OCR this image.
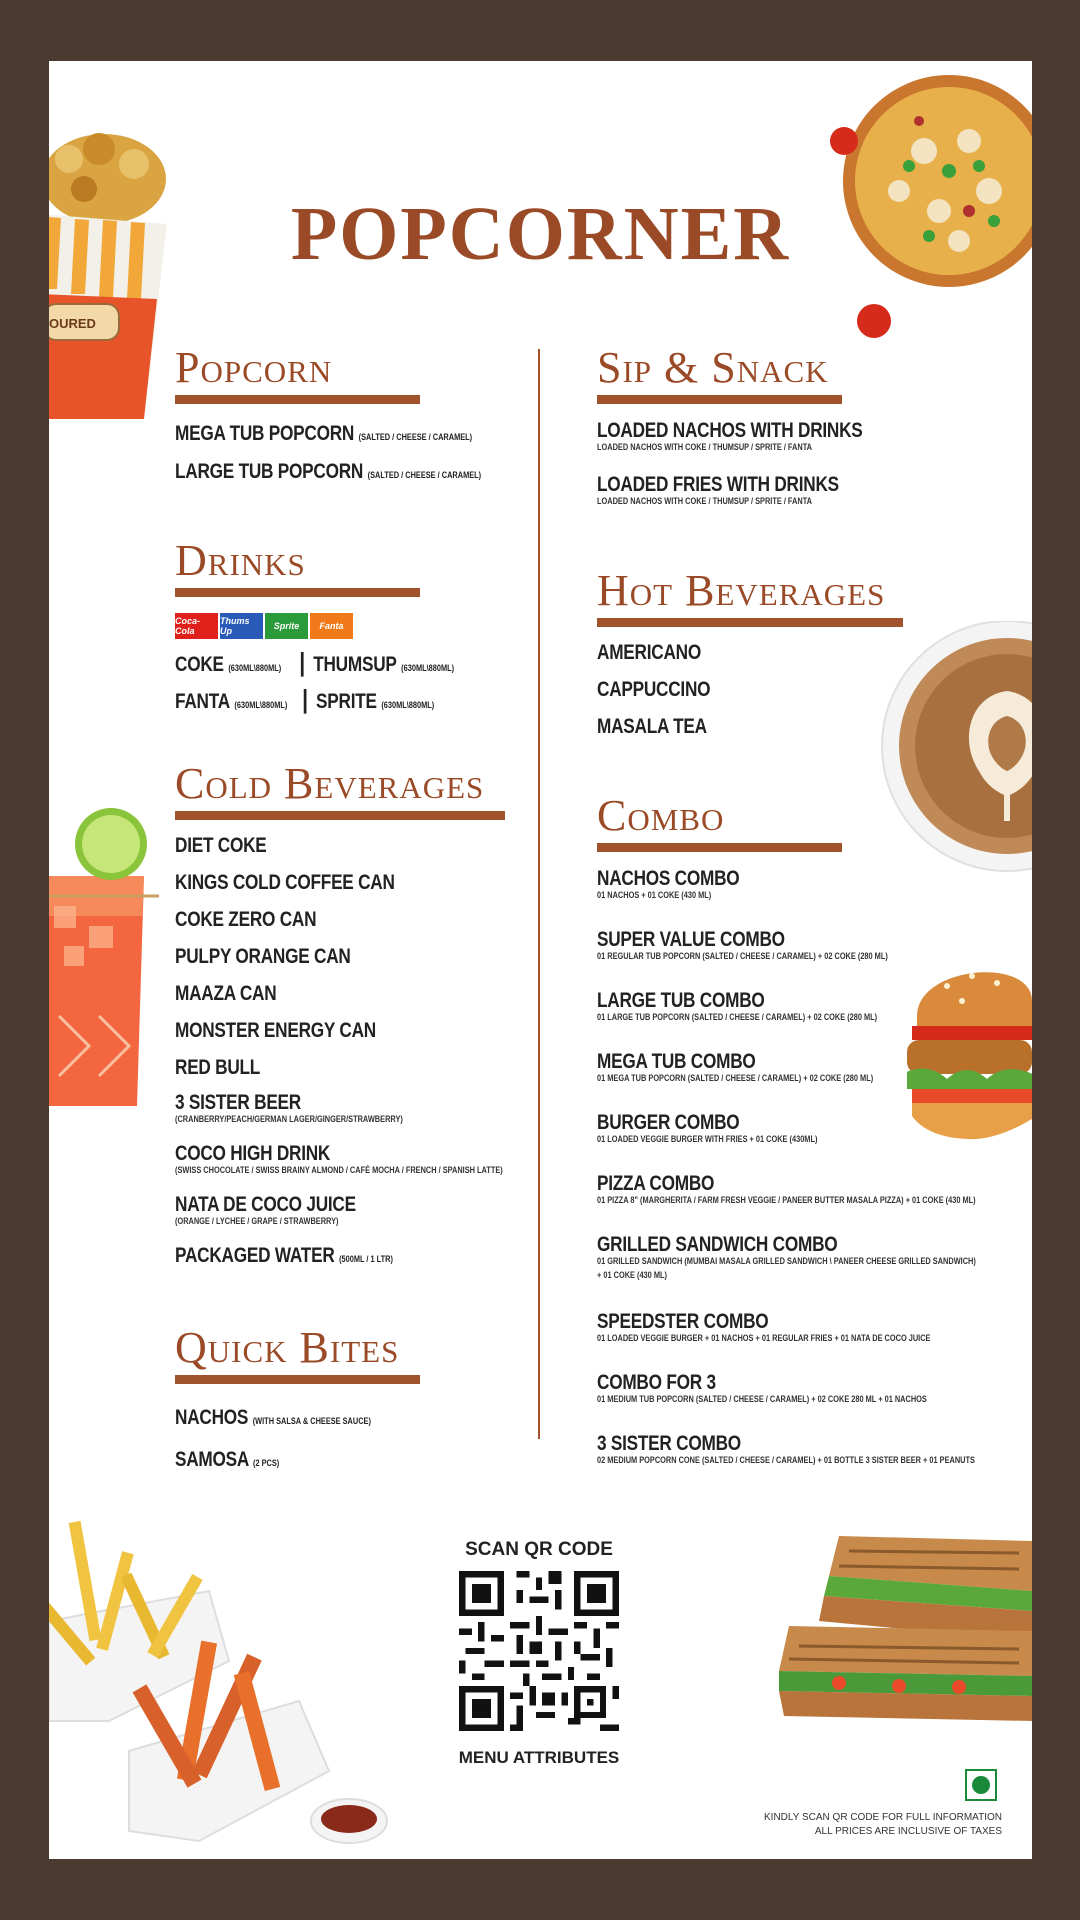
OURED
POPCORNER
Popcorn
MEGA TUB POPCORN (SALTED / CHEESE / CARAMEL)
LARGE TUB POPCORN (SALTED / CHEESE / CARAMEL)
Drinks
Coca-Cola
Thums Up	Sprite	Fanta
COKE
(630ML\880ML) | THUMSUP
(630ML\880ML)
FANTA
(630ML\880ML) | SPRITE
(630ML\880ML)
Cold Beverages
DIET COKE
KINGS COLD COFFEE CAN
COKE ZERO CAN
PULPY ORANGE CAN
MAAZA CAN
MONSTER ENERGY CAN
RED BULL
3 SISTER BEER
(CRANBERRY/PEACH/GERMAN LAGER/GINGER/STRAWBERRY)
COCO HIGH DRINK
(SWISS CHOCOLATE / SWISS BRAINY ALMOND / CAFÉ MOCHA / FRENCH / SPANISH LATTE)
NATA DE COCO JUICE
(ORANGE / LYCHEE / GRAPE / STRAWBERRY)
PACKAGED WATER (500ML / 1 LTR)
Quick Bites
NACHOS (WITH SALSA & CHEESE SAUCE)
SAMOSA (2 PCS)
Sip & Snack
LOADED NACHOS WITH DRINKS
LOADED NACHOS WITH COKE / THUMSUP / SPRITE / FANTA
LOADED FRIES WITH DRINKS
LOADED NACHOS WITH COKE / THUMSUP / SPRITE / FANTA
Hot Beverages
AMERICANO
CAPPUCCINO
MASALA TEA
Combo
NACHOS COMBO
01 NACHOS + 01 COKE (430 ML)
SUPER VALUE COMBO
01 REGULAR TUB POPCORN (SALTED / CHEESE / CARAMEL) + 02 COKE (280 ML)
LARGE TUB COMBO
01 LARGE TUB POPCORN (SALTED / CHEESE / CARAMEL) + 02 COKE (280 ML)
MEGA TUB COMBO
01 MEGA TUB POPCORN (SALTED / CHEESE / CARAMEL) + 02 COKE (280 ML)
BURGER COMBO
01 LOADED VEGGIE BURGER WITH FRIES + 01 COKE (430ML)
PIZZA COMBO
01 PIZZA 8" (MARGHERITA / FARM FRESH VEGGIE / PANEER BUTTER MASALA PIZZA) + 01 COKE (430 ML)
GRILLED SANDWICH COMBO
01 GRILLED SANDWICH (MUMBAI MASALA GRILLED SANDWICH \ PANEER CHEESE GRILLED SANDWICH)
+ 01 COKE (430 ML)
SPEEDSTER COMBO
01 LOADED VEGGIE BURGER + 01 NACHOS + 01 REGULAR FRIES + 01 NATA DE COCO JUICE
COMBO FOR 3
01 MEDIUM TUB POPCORN (SALTED / CHEESE / CARAMEL) + 02 COKE 280 ML + 01 NACHOS
3 SISTER COMBO
02 MEDIUM POPCORN CONE (SALTED / CHEESE / CARAMEL) + 01 BOTTLE 3 SISTER BEER + 01 PEANUTS
SCAN QR CODE
MENU ATTRIBUTES
KINDLY SCAN QR CODE FOR FULL INFORMATION
ALL PRICES ARE INCLUSIVE OF TAXES
